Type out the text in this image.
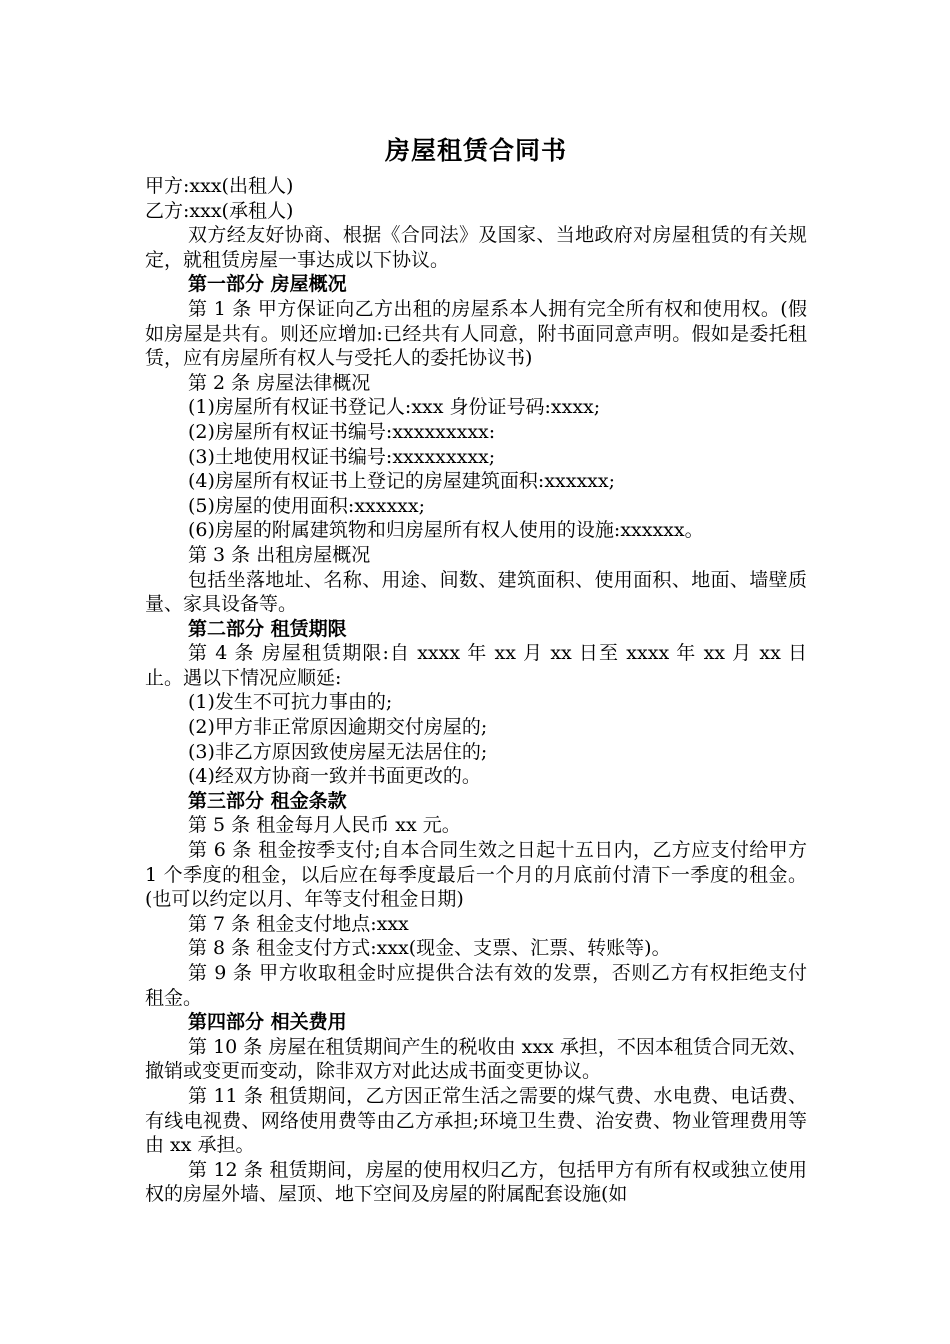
房屋租赁合同书

甲方:xxx(出租人)

乙方:xxx(承租人)

双方经友好协商、根据《合同法》及国家、当地政府对房屋租赁的有关规定，就租赁房屋一事达成以下协议。

第一部分 房屋概况

第 1 条 甲方保证向乙方出租的房屋系本人拥有完全所有权和使用权。(假如房屋是共有。则还应增加:已经共有人同意，附书面同意声明。假如是委托租赁，应有房屋所有权人与受托人的委托协议书)

第 2 条 房屋法律概况

(1)房屋所有权证书登记人:xxx 身份证号码:xxxx;

(2)房屋所有权证书编号:xxxxxxxxx:

(3)土地使用权证书编号:xxxxxxxxx;

(4)房屋所有权证书上登记的房屋建筑面积:xxxxxx;

(5)房屋的使用面积:xxxxxx;

(6)房屋的附属建筑物和归房屋所有权人使用的设施:xxxxxx。

第 3 条 出租房屋概况

包括坐落地址、名称、用途、间数、建筑面积、使用面积、地面、墙壁质量、家具设备等。

第二部分 租赁期限

第 4 条 房屋租赁期限:自 xxxx 年 xx 月 xx 日至 xxxx 年 xx 月 xx 日止。遇以下情况应顺延:

(1)发生不可抗力事由的;

(2)甲方非正常原因逾期交付房屋的;

(3)非乙方原因致使房屋无法居住的;

(4)经双方协商一致并书面更改的。

第三部分 租金条款

第 5 条 租金每月人民币 xx 元。

第 6 条 租金按季支付;自本合同生效之日起十五日内，乙方应支付给甲方 1 个季度的租金，以后应在每季度最后一个月的月底前付清下一季度的租金。(也可以约定以月、年等支付租金日期)

第 7 条 租金支付地点:xxx

第 8 条 租金支付方式:xxx(现金、支票、汇票、转账等)。

第 9 条 甲方收取租金时应提供合法有效的发票，否则乙方有权拒绝支付租金。

第四部分 相关费用

第 10 条 房屋在租赁期间产生的税收由 xxx 承担，不因本租赁合同无效、撤销或变更而变动，除非双方对此达成书面变更协议。

第 11 条 租赁期间，乙方因正常生活之需要的煤气费、水电费、电话费、有线电视费、网络使用费等由乙方承担;环境卫生费、治安费、物业管理费用等由 xx 承担。

第 12 条 租赁期间，房屋的使用权归乙方，包括甲方有所有权或独立使用权的房屋外墙、屋顶、地下空间及房屋的附属配套设施(如
